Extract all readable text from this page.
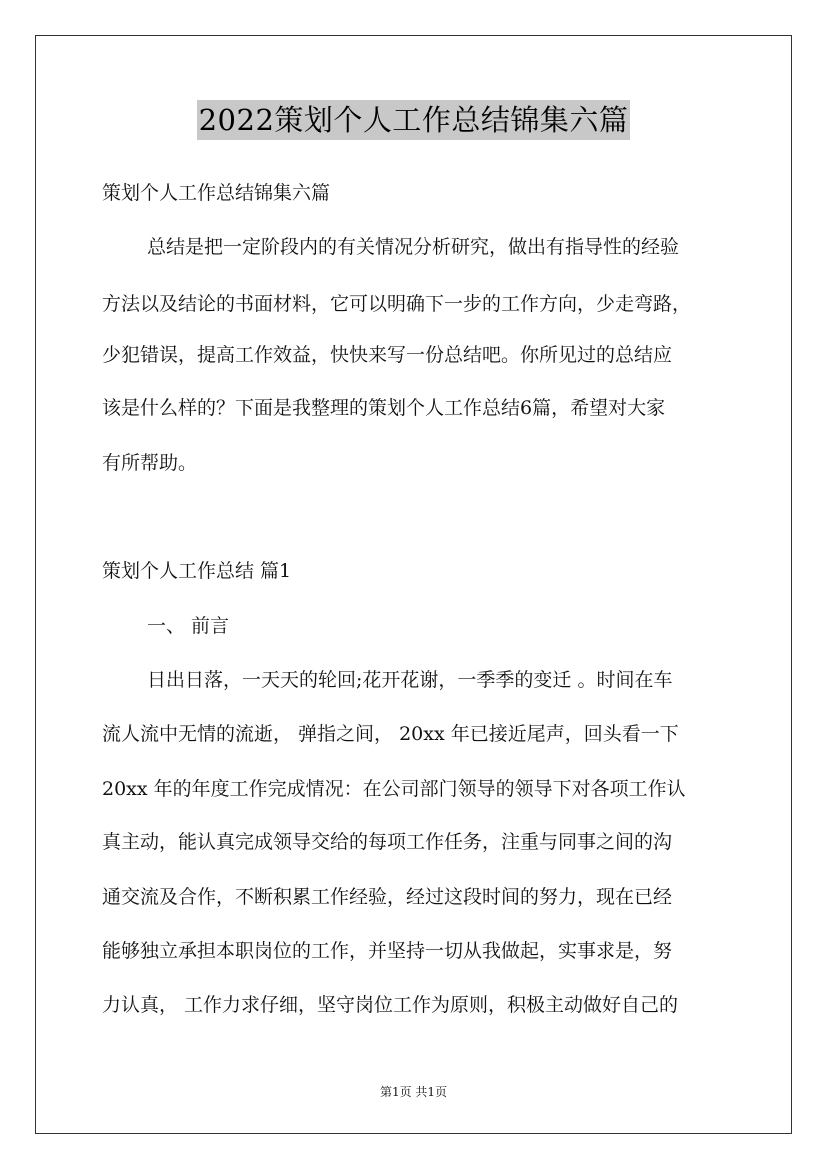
2022策划个人工作总结锦集六篇
策划个人工作总结锦集六篇
总结是把一定阶段内的有关情况分析研究，做出有指导性的经验
方法以及结论的书面材料，它可以明确下一步的工作方向，少走弯路，
少犯错误，提高工作效益，快快来写一份总结吧。你所见过的总结应
该是什么样的？下面是我整理的策划个人工作总结6篇，希望对大家
有所帮助。
策划个人工作总结 篇1
一、 前言
日出日落，一天天的轮回;花开花谢，一季季的变迁 。时间在车
流人流中无情的流逝， 弹指之间， 20xx 年已接近尾声，回头看一下
20xx 年的年度工作完成情况：在公司部门领导的领导下对各项工作认
真主动，能认真完成领导交给的每项工作任务，注重与同事之间的沟
通交流及合作，不断积累工作经验，经过这段时间的努力，现在已经
能够独立承担本职岗位的工作，并坚持一切从我做起，实事求是，努
力认真， 工作力求仔细，坚守岗位工作为原则，积极主动做好自己的
第1页 共1页
